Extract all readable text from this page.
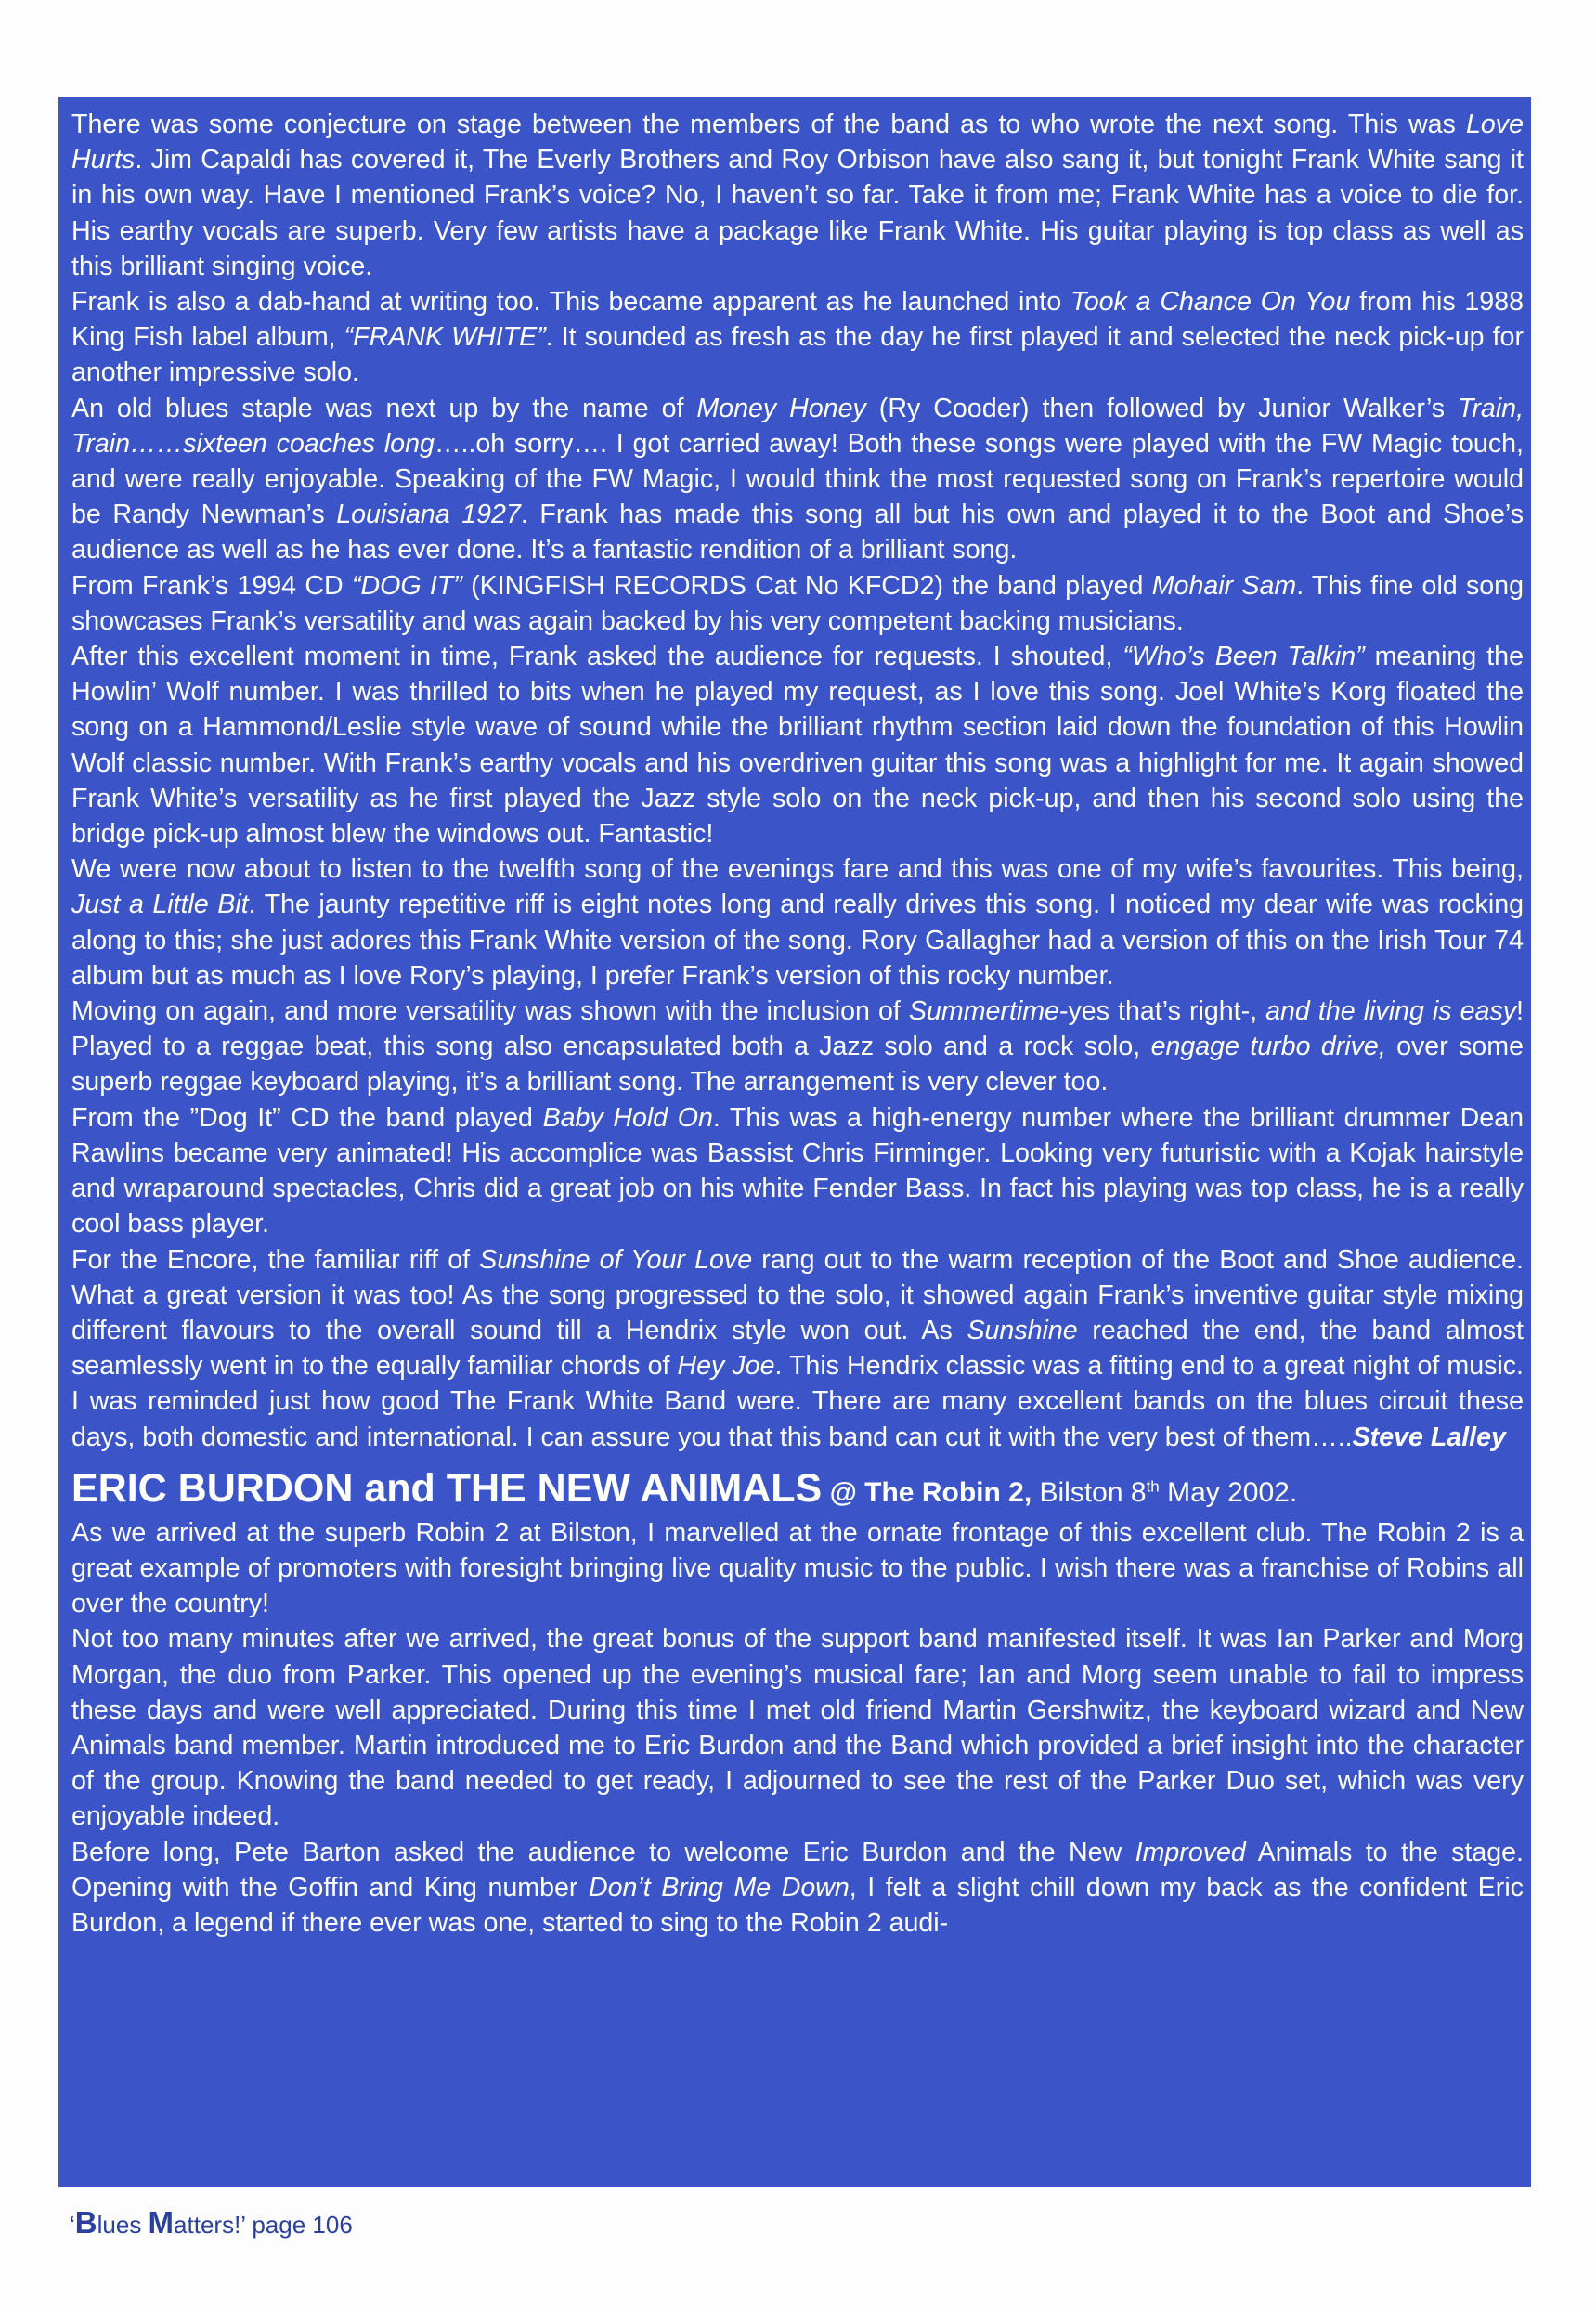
There was some conjecture on stage between the members of the band as to who wrote the next song. This was Love Hurts. Jim Capaldi has covered it, The Everly Brothers and Roy Orbison have also sang it, but tonight Frank White sang it in his own way. Have I mentioned Frank’s voice? No, I haven’t so far. Take it from me; Frank White has a voice to die for. His earthy vocals are superb. Very few artists have a package like Frank White. His guitar playing is top class as well as this brilliant singing voice.

Frank is also a dab-hand at writing too. This became apparent as he launched into Took a Chance On You from his 1988 King Fish label album, “FRANK WHITE”. It sounded as fresh as the day he first played it and selected the neck pick-up for another impressive solo.

An old blues staple was next up by the name of Money Honey (Ry Cooder) then followed by Junior Walker’s Train, Train……sixteen coaches long…..oh sorry…. I got carried away! Both these songs were played with the FW Magic touch, and were really enjoyable. Speaking of the FW Magic, I would think the most requested song on Frank’s repertoire would be Randy Newman’s Louisiana 1927. Frank has made this song all but his own and played it to the Boot and Shoe’s audience as well as he has ever done. It’s a fantastic rendition of a brilliant song.

From Frank’s 1994 CD “DOG IT” (KINGFISH RECORDS Cat No KFCD2) the band played Mohair Sam. This fine old song showcases Frank’s versatility and was again backed by his very competent backing musicians.

After this excellent moment in time, Frank asked the audience for requests. I shouted, “Who’s Been Talkin” meaning the Howlin’ Wolf number. I was thrilled to bits when he played my request, as I love this song. Joel White’s Korg floated the song on a Hammond/Leslie style wave of sound while the brilliant rhythm section laid down the foundation of this Howlin Wolf classic number. With Frank’s earthy vocals and his overdriven guitar this song was a highlight for me. It again showed Frank White’s versatility as he first played the Jazz style solo on the neck pick-up, and then his second solo using the bridge pick-up almost blew the windows out. Fantastic!

We were now about to listen to the twelfth song of the evenings fare and this was one of my wife’s favourites. This being, Just a Little Bit. The jaunty repetitive riff is eight notes long and really drives this song. I noticed my dear wife was rocking along to this; she just adores this Frank White version of the song. Rory Gallagher had a version of this on the Irish Tour 74 album but as much as I love Rory’s playing, I prefer Frank’s version of this rocky number.

Moving on again, and more versatility was shown with the inclusion of Summertime-yes that’s right-, and the living is easy! Played to a reggae beat, this song also encapsulated both a Jazz solo and a rock solo, engage turbo drive, over some superb reggae keyboard playing, it’s a brilliant song. The arrangement is very clever too.

From the ”Dog It” CD the band played Baby Hold On. This was a high-energy number where the brilliant drummer Dean Rawlins became very animated! His accomplice was Bassist Chris Firminger. Looking very futuristic with a Kojak hairstyle and wraparound spectacles, Chris did a great job on his white Fender Bass. In fact his playing was top class, he is a really cool bass player.

For the Encore, the familiar riff of Sunshine of Your Love rang out to the warm reception of the Boot and Shoe audience. What a great version it was too! As the song progressed to the solo, it showed again Frank’s inventive guitar style mixing different flavours to the overall sound till a Hendrix style won out. As Sunshine reached the end, the band almost seamlessly went in to the equally familiar chords of Hey Joe. This Hendrix classic was a fitting end to a great night of music. I was reminded just how good The Frank White Band were. There are many excellent bands on the blues circuit these days, both domestic and international. I can assure you that this band can cut it with the very best of them…..Steve Lalley

ERIC BURDON and THE NEW ANIMALS @ The Robin 2, Bilston 8th May 2002.

As we arrived at the superb Robin 2 at Bilston, I marvelled at the ornate frontage of this excellent club. The Robin 2 is a great example of promoters with foresight bringing live quality music to the public. I wish there was a franchise of Robins all over the country!

Not too many minutes after we arrived, the great bonus of the support band manifested itself. It was Ian Parker and Morg Morgan, the duo from Parker. This opened up the evening’s musical fare; Ian and Morg seem unable to fail to impress these days and were well appreciated. During this time I met old friend Martin Gershwitz, the keyboard wizard and New Animals band member. Martin introduced me to Eric Burdon and the Band which provided a brief insight into the character of the group. Knowing the band needed to get ready, I adjourned to see the rest of the Parker Duo set, which was very enjoyable indeed.

Before long, Pete Barton asked the audience to welcome Eric Burdon and the New Improved Animals to the stage. Opening with the Goffin and King number Don’t Bring Me Down, I felt a slight chill down my back as the confident Eric Burdon, a legend if there ever was one, started to sing to the Robin 2 audi-

‘Blues Matters!’ page 106
